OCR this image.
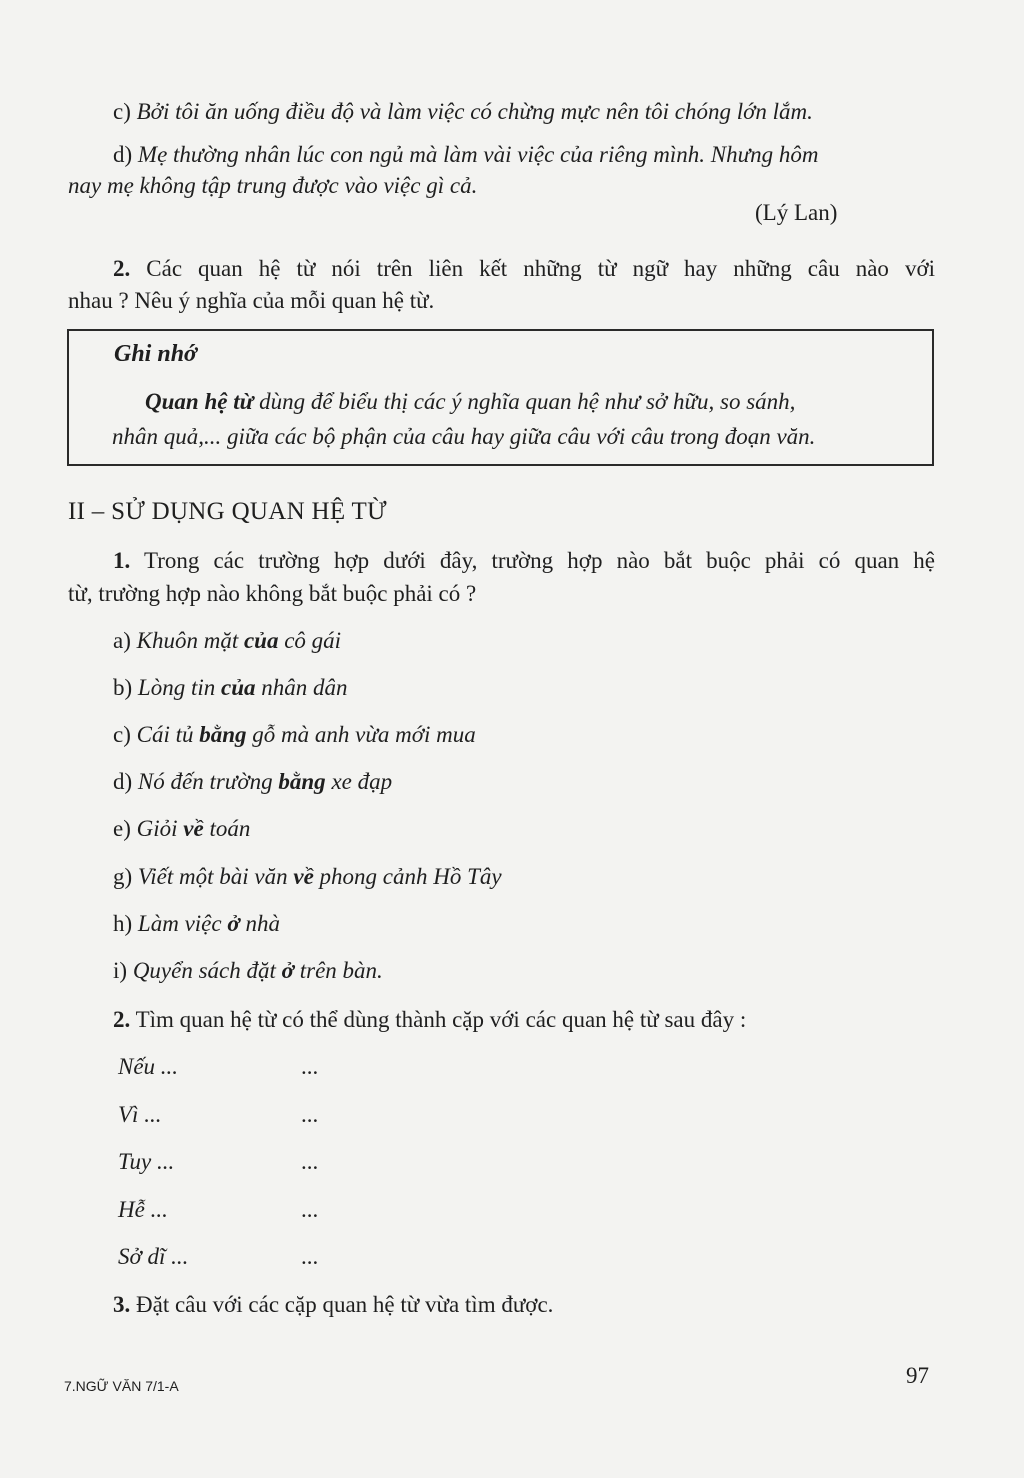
c) Bởi tôi ăn uống điều độ và làm việc có chừng mực nên tôi chóng lớn lắm.
d) Mẹ thường nhân lúc con ngủ mà làm vài việc của riêng mình. Nhưng hôm
nay mẹ không tập trung được vào việc gì cả.
(Lý Lan)
2. Các quan hệ từ nói trên liên kết những từ ngữ hay những câu nào với
nhau ? Nêu ý nghĩa của mỗi quan hệ từ.
Ghi nhớ
Quan hệ từ dùng để biểu thị các ý nghĩa quan hệ như sở hữu, so sánh,
nhân quả,... giữa các bộ phận của câu hay giữa câu với câu trong đoạn văn.
II – SỬ DỤNG QUAN HỆ TỪ
1. Trong các trường hợp dưới đây, trường hợp nào bắt buộc phải có quan hệ
từ, trường hợp nào không bắt buộc phải có ?
a) Khuôn mặt của cô gái
b) Lòng tin của nhân dân
c) Cái tủ bằng gỗ mà anh vừa mới mua
d) Nó đến trường bằng xe đạp
e) Giỏi về toán
g) Viết một bài văn về phong cảnh Hồ Tây
h) Làm việc ở nhà
i) Quyển sách đặt ở trên bàn.
2. Tìm quan hệ từ có thể dùng thành cặp với các quan hệ từ sau đây :
Nếu ...	...
Vì ...	...
Tuy ...	...
Hễ ...	...
Sở dĩ ...	...
3. Đặt câu với các cặp quan hệ từ vừa tìm được.
7.NGỮ VĂN 7/1-A	97
